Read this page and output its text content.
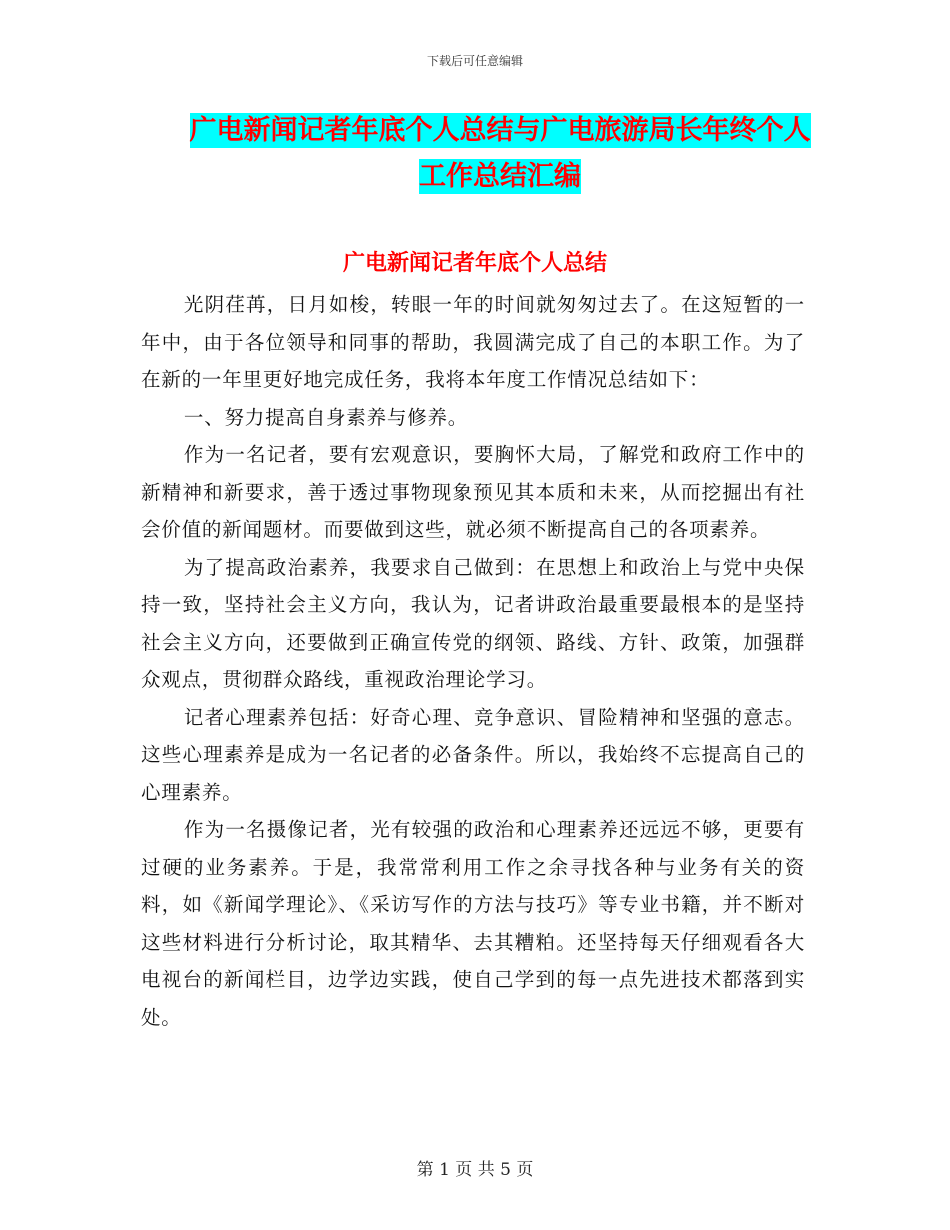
下载后可任意编辑
广电新闻记者年底个人总结与广电旅游局长年终个人
工作总结汇编
广电新闻记者年底个人总结

光阴荏苒，日月如梭，转眼一年的时间就匆匆过去了。在这短暂的一年中，由于各位领导和同事的帮助，我圆满完成了自己的本职工作。为了在新的一年里更好地完成任务，我将本年度工作情况总结如下：

一、努力提高自身素养与修养。

作为一名记者，要有宏观意识，要胸怀大局，了解党和政府工作中的新精神和新要求，善于透过事物现象预见其本质和未来，从而挖掘出有社会价值的新闻题材。而要做到这些，就必须不断提高自己的各项素养。

为了提高政治素养，我要求自己做到：在思想上和政治上与党中央保持一致，坚持社会主义方向，我认为，记者讲政治最重要最根本的是坚持社会主义方向，还要做到正确宣传党的纲领、路线、方针、政策，加强群众观点，贯彻群众路线，重视政治理论学习。

记者心理素养包括：好奇心理、竞争意识、冒险精神和坚强的意志。这些心理素养是成为一名记者的必备条件。所以，我始终不忘提高自己的心理素养。

作为一名摄像记者，光有较强的政治和心理素养还远远不够，更要有过硬的业务素养。于是，我常常利用工作之余寻找各种与业务有关的资料，如《新闻学理论》、《采访写作的方法与技巧》等专业书籍，并不断对这些材料进行分析讨论，取其精华、去其糟粕。还坚持每天仔细观看各大电视台的新闻栏目，边学边实践，使自己学到的每一点先进技术都落到实处。

第 1 页 共 5 页
